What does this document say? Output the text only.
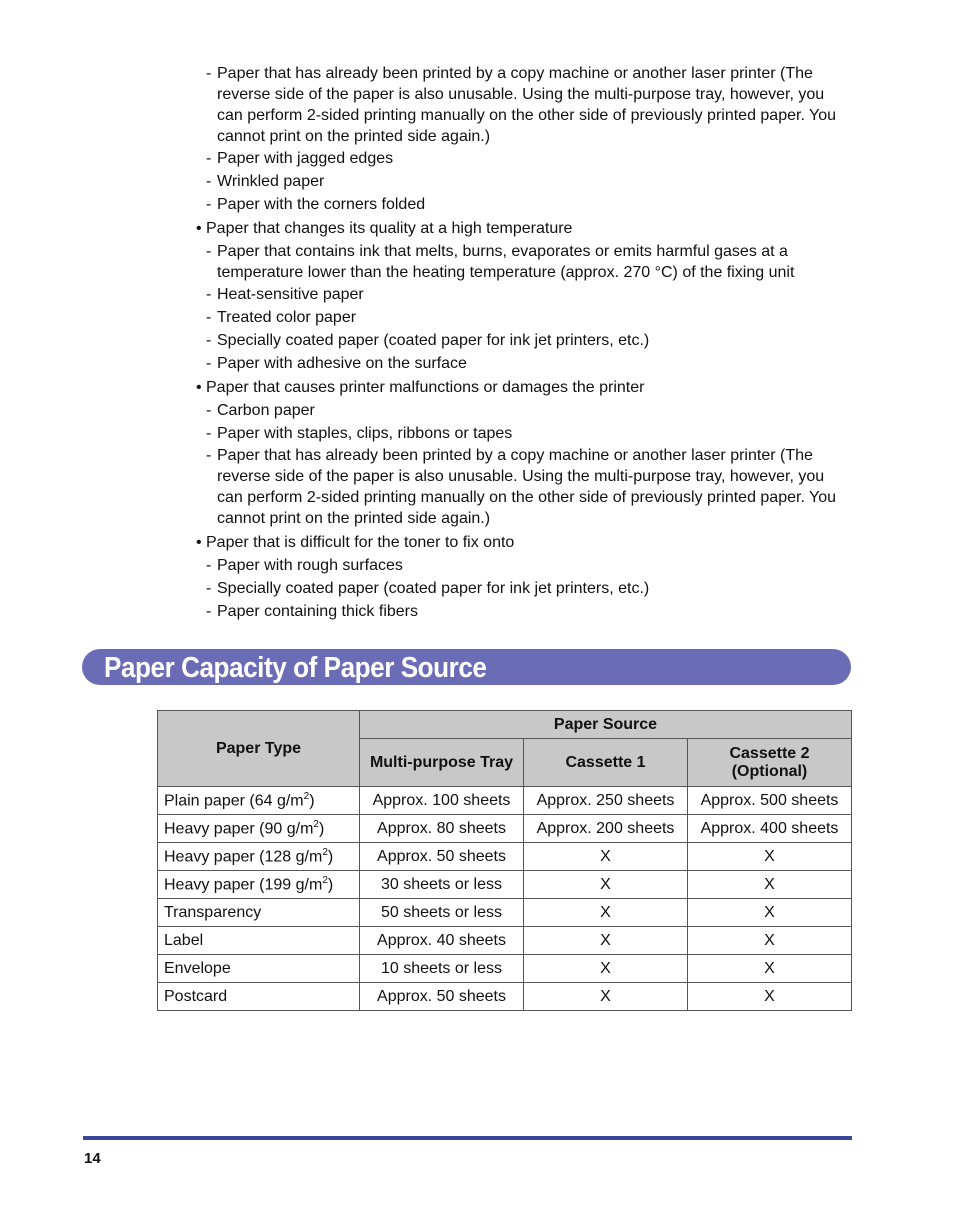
- Paper that has already been printed by a copy machine or another laser printer (The reverse side of the paper is also unusable. Using the multi-purpose tray, however, you can perform 2-sided printing manually on the other side of previously printed paper. You cannot print on the printed side again.)
- Paper with jagged edges
- Wrinkled paper
- Paper with the corners folded
• Paper that changes its quality at a high temperature
- Paper that contains ink that melts, burns, evaporates or emits harmful gases at a temperature lower than the heating temperature (approx. 270 °C) of the fixing unit
- Heat-sensitive paper
- Treated color paper
- Specially coated paper (coated paper for ink jet printers, etc.)
- Paper with adhesive on the surface
• Paper that causes printer malfunctions or damages the printer
- Carbon paper
- Paper with staples, clips, ribbons or tapes
- Paper that has already been printed by a copy machine or another laser printer (The reverse side of the paper is also unusable. Using the multi-purpose tray, however, you can perform 2-sided printing manually on the other side of previously printed paper. You cannot print on the printed side again.)
• Paper that is difficult for the toner to fix onto
- Paper with rough surfaces
- Specially coated paper (coated paper for ink jet printers, etc.)
- Paper containing thick fibers
Paper Capacity of Paper Source
Paper Type	Paper Source		
	Multi-purpose Tray	Cassette 1	Cassette 2
(Optional)
Plain paper (64 $g/m^2$)	Approx. 100 sheets	Approx. 250 sheets	Approx. 500 sheets
Heavy paper (90 $g/m^2$)	Approx. 80 sheets	Approx. 200 sheets	Approx. 400 sheets
Heavy paper (128 $g/m^2$)	Approx. 50 sheets	X	X
Heavy paper (199 $g/m^2$)	30 sheets or less	X	X
Transparency	50 sheets or less	X	X
Label	Approx. 40 sheets	X	X
Envelope	10 sheets or less	X	X
Postcard	Approx. 50 sheets	X	X
14
